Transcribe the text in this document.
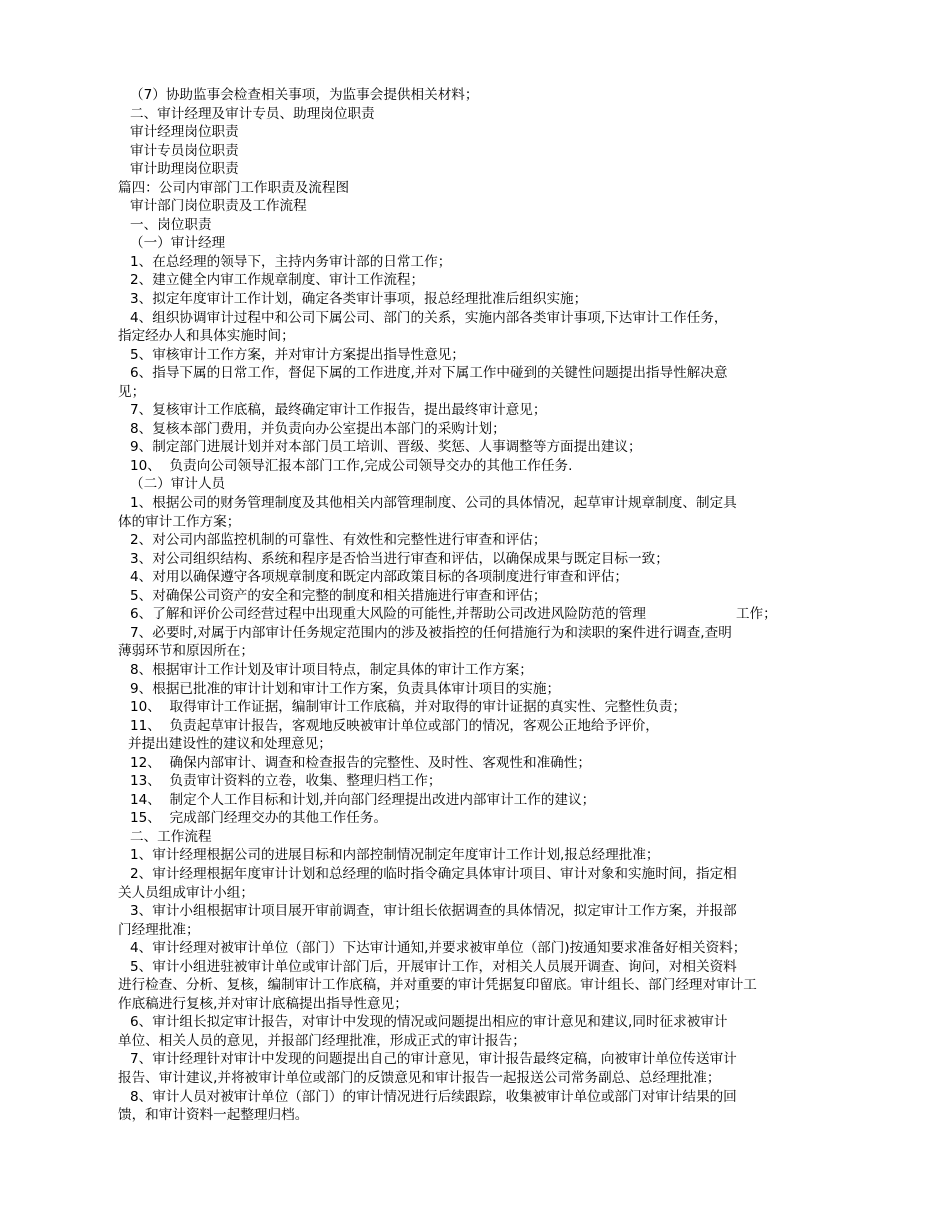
（7）协助监事会检查相关事项，为监事会提供相关材料；
二、审计经理及审计专员、助理岗位职责
审计经理岗位职责
审计专员岗位职责
审计助理岗位职责
篇四：公司内审部门工作职责及流程图
审计部门岗位职责及工作流程
一、岗位职责
（一）审计经理
1、在总经理的领导下，主持内务审计部的日常工作；
2、建立健全内审工作规章制度、审计工作流程；
3、拟定年度审计工作计划，确定各类审计事项，报总经理批准后组织实施；
4、组织协调审计过程中和公司下属公司、部门的关系，实施内部各类审计事项,下达审计工作任务，
指定经办人和具体实施时间；
5、审核审计工作方案，并对审计方案提出指导性意见；
6、指导下属的日常工作，督促下属的工作进度,并对下属工作中碰到的关键性问题提出指导性解决意
见；
7、复核审计工作底稿，最终确定审计工作报告，提出最终审计意见；
8、复核本部门费用，并负责向办公室提出本部门的采购计划；
9、制定部门进展计划并对本部门员工培训、晋级、奖惩、人事调整等方面提出建议；
10、  负责向公司领导汇报本部门工作,完成公司领导交办的其他工作任务.
（二）审计人员
1、根据公司的财务管理制度及其他相关内部管理制度、公司的具体情况，起草审计规章制度、制定具
体的审计工作方案；
2、对公司内部监控机制的可靠性、有效性和完整性进行审查和评估；
3、对公司组织结构、系统和程序是否恰当进行审查和评估，以确保成果与既定目标一致；
4、对用以确保遵守各项规章制度和既定内部政策目标的各项制度进行审查和评估；
5、对确保公司资产的安全和完整的制度和相关措施进行审查和评估；
6、了解和评价公司经营过程中出现重大风险的可能性,并帮助公司改进风险防范的管理	工作；
7、必要时,对属于内部审计任务规定范围内的涉及被指控的任何措施行为和渎职的案件进行调查,查明
薄弱环节和原因所在；
8、根据审计工作计划及审计项目特点，制定具体的审计工作方案；
9、根据已批准的审计计划和审计工作方案，负责具体审计项目的实施；
10、  取得审计工作证据，编制审计工作底稿，并对取得的审计证据的真实性、完整性负责；
11、  负责起草审计报告，客观地反映被审计单位或部门的情况，客观公正地给予评价，
并提出建设性的建议和处理意见；
12、  确保内部审计、调查和检查报告的完整性、及时性、客观性和准确性；
13、  负责审计资料的立卷，收集、整理归档工作；
14、  制定个人工作目标和计划,并向部门经理提出改进内部审计工作的建议；
15、  完成部门经理交办的其他工作任务。
二、工作流程
1、审计经理根据公司的进展目标和内部控制情况制定年度审计工作计划,报总经理批准；
2、审计经理根据年度审计计划和总经理的临时指令确定具体审计项目、审计对象和实施时间，指定相
关人员组成审计小组；
3、审计小组根据审计项目展开审前调查，审计组长依据调查的具体情况，拟定审计工作方案，并报部
门经理批准；
4、审计经理对被审计单位（部门）下达审计通知,并要求被审单位（部门)按通知要求准备好相关资料；
5、审计小组进驻被审计单位或审计部门后，开展审计工作，对相关人员展开调查、询问，对相关资料
进行检查、分析、复核，编制审计工作底稿，并对重要的审计凭据复印留底。审计组长、部门经理对审计工
作底稿进行复核,并对审计底稿提出指导性意见；
6、审计组长拟定审计报告，对审计中发现的情况或问题提出相应的审计意见和建议,同时征求被审计
单位、相关人员的意见，并报部门经理批准，形成正式的审计报告；
7、审计经理针对审计中发现的问题提出自己的审计意见，审计报告最终定稿，向被审计单位传送审计
报告、审计建议,并将被审计单位或部门的反馈意见和审计报告一起报送公司常务副总、总经理批准；
8、审计人员对被审计单位（部门）的审计情况进行后续跟踪，收集被审计单位或部门对审计结果的回
馈，和审计资料一起整理归档。
